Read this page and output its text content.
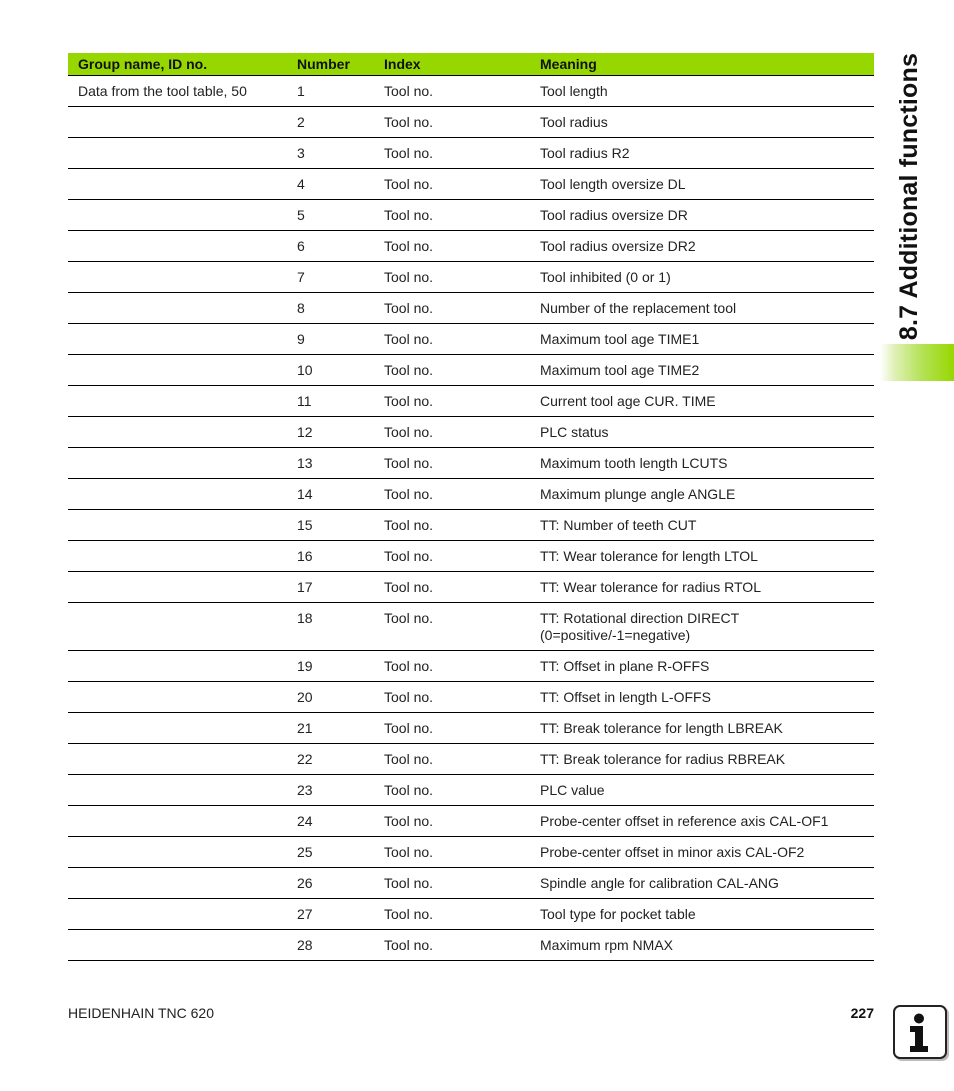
Group name, ID no.	Number	Index	Meaning

Data from the tool table, 50	1	Tool no.	Tool length

	2	Tool no.	Tool radius

	3	Tool no.	Tool radius R2

	4	Tool no.	Tool length oversize DL

	5	Tool no.	Tool radius oversize DR

	6	Tool no.	Tool radius oversize DR2

	7	Tool no.	Tool inhibited (0 or 1)

	8	Tool no.	Number of the replacement tool

	9	Tool no.	Maximum tool age TIME1

	10	Tool no.	Maximum tool age TIME2

	11	Tool no.	Current tool age CUR. TIME

	12	Tool no.	PLC status

	13	Tool no.	Maximum tooth length LCUTS

	14	Tool no.	Maximum plunge angle ANGLE

	15	Tool no.	TT: Number of teeth CUT

	16	Tool no.	TT: Wear tolerance for length LTOL

	17	Tool no.	TT: Wear tolerance for radius RTOL

	18	Tool no.	TT: Rotational direction DIRECT
(0=positive/-1=negative)

	19	Tool no.	TT: Offset in plane R-OFFS

	20	Tool no.	TT: Offset in length L-OFFS

	21	Tool no.	TT: Break tolerance for length LBREAK

	22	Tool no.	TT: Break tolerance for radius RBREAK

	23	Tool no.	PLC value

	24	Tool no.	Probe-center offset in reference axis CAL-OF1

	25	Tool no.	Probe-center offset in minor axis CAL-OF2

	26	Tool no.	Spindle angle for calibration CAL-ANG

	27	Tool no.	Tool type for pocket table

	28	Tool no.	Maximum rpm NMAX
8.7 Additional functions
HEIDENHAIN TNC 620	227
